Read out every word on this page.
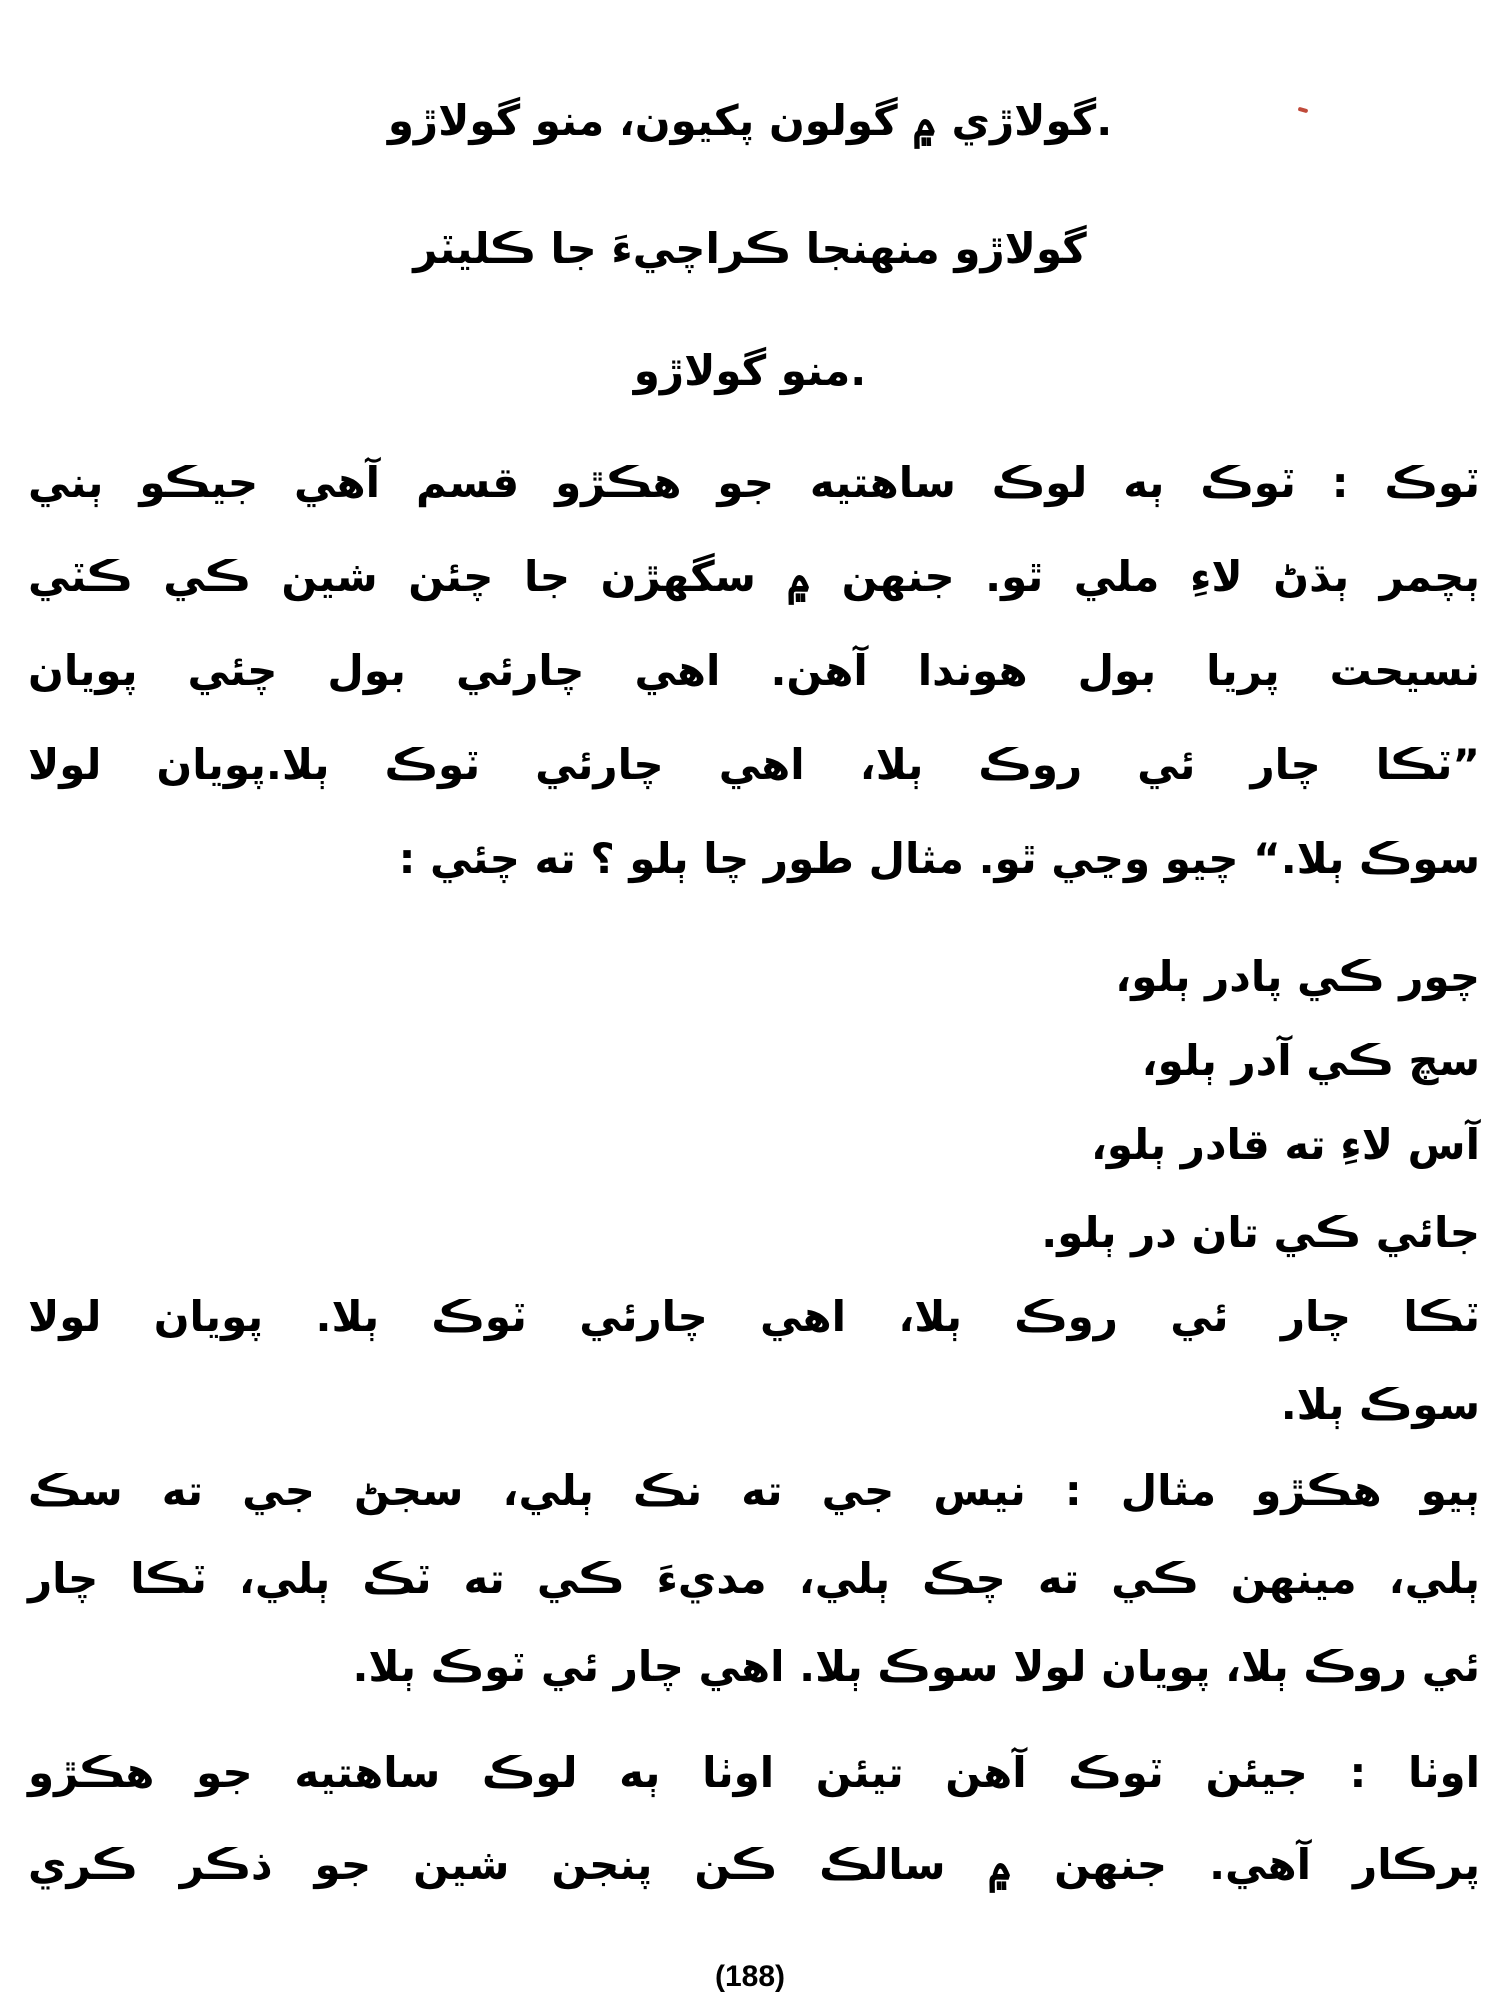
گولاڙي ۾ گولون پکيون، منو گولاڙو.
گولاڙو منهنجا ڪراچيءَ جا ڪليٽر
منو گولاڙو.
ٽوڪ : ٽوڪ ٻه لوڪ ساهتيه جو هڪڙو قسم آهي جيڪو ٻني
ٻچمر ٻڌڻ لاءِ ملي ٿو. جنهن ۾ سگهڙن جا چئن شين ڪي ڪٽي
نسيحت پريا بول هوندا آهن. اهي چارئي بول چئي پويان
”ٽڪا چار ئي روڪ ٻلا، اهي چارئي ٽوڪ ٻلا.پويان لولا
سوڪ ٻلا.“ چيو وڃي ٿو. مثال طور چا ٻلو ؟ ته چئي :
چور ڪي پادر ٻلو،
سچ ڪي آدر ٻلو،
آس لاءِ ته قادر ٻلو،
جائي ڪي تان در ٻلو.
ٽڪا چار ئي روڪ ٻلا، اهي چارئي ٽوڪ ٻلا. پويان لولا
سوڪ ٻلا.
ٻيو هڪڙو مثال : نيس جي ته نڪ ٻلي، سجڻ جي ته سڪ
ٻلي، مينهن ڪي ته چڪ ٻلي، مديءَ ڪي ته ٽڪ ٻلي، ٽڪا چار
ئي روڪ ٻلا، پويان لولا سوڪ ٻلا. اهي چار ئي ٽوڪ ٻلا.
اوٺا : جيئن ٽوڪ آهن تيئن اوٺا ٻه لوڪ ساهتيه جو هڪڙو
پرڪار آهي. جنهن ۾ سالڪ ڪن پنجن شين جو ذڪر ڪري
(188)
